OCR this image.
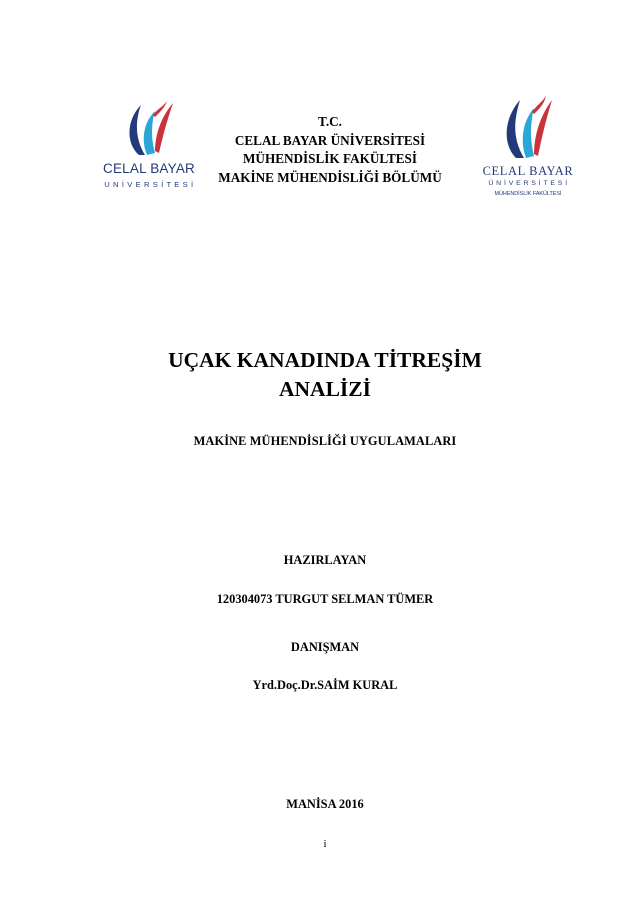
CELAL BAYAR
U N İ V E R S İ T E S İ
T.C.
CELAL BAYAR ÜNİVERSİTESİ
MÜHENDİSLİK FAKÜLTESİ
MAKİNE MÜHENDİSLİĞİ BÖLÜMÜ	CELAL BAYAR
Ü N İ V E R S İ T E S İ
MÜHENDİSLİK FAKÜLTESİ
UÇAK KANADINDA TİTREŞİM
ANALİZİ
MAKİNE MÜHENDİSLİĞİ UYGULAMALARI
HAZIRLAYAN
120304073 TURGUT SELMAN TÜMER
DANIŞMAN
Yrd.Doç.Dr.SAİM KURAL
MANİSA 2016
i
